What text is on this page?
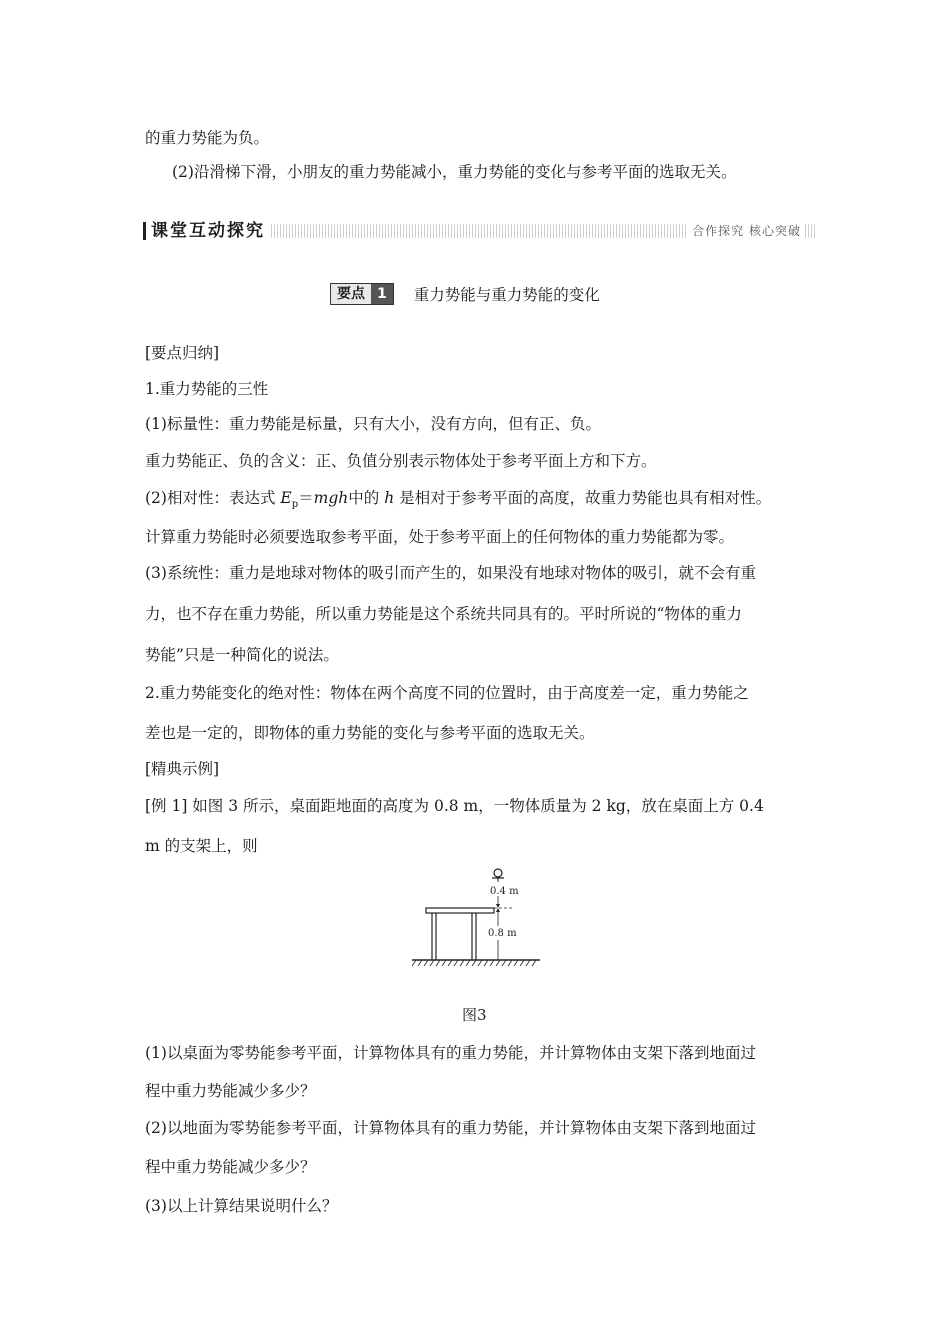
的重力势能为负。
(2)沿滑梯下滑，小朋友的重力势能减小，重力势能的变化与参考平面的选取无关。
课堂互动探究	合作探究 核心突破
要点 1	重力势能与重力势能的变化
[要点归纳]
1.重力势能的三性
(1)标量性：重力势能是标量，只有大小，没有方向，但有正、负。
重力势能正、负的含义：正、负值分别表示物体处于参考平面上方和下方。
(2)相对性：表达式 $E_p=mgh$中的 h 是相对于参考平面的高度，故重力势能也具有相对性。
计算重力势能时必须要选取参考平面，处于参考平面上的任何物体的重力势能都为零。
(3)系统性：重力是地球对物体的吸引而产生的，如果没有地球对物体的吸引，就不会有重
力，也不存在重力势能，所以重力势能是这个系统共同具有的。平时所说的“物体的重力
势能”只是一种简化的说法。
2.重力势能变化的绝对性：物体在两个高度不同的位置时，由于高度差一定，重力势能之
差也是一定的，即物体的重力势能的变化与参考平面的选取无关。
[精典示例]
[例 1] 如图 3 所示，桌面距地面的高度为 0.8 m，一物体质量为 2 kg，放在桌面上方 0.4
m 的支架上，则
0.4 m
0.8 m
图3
(1)以桌面为零势能参考平面，计算物体具有的重力势能，并计算物体由支架下落到地面过
程中重力势能减少多少？
(2)以地面为零势能参考平面，计算物体具有的重力势能，并计算物体由支架下落到地面过
程中重力势能减少多少？
(3)以上计算结果说明什么？
